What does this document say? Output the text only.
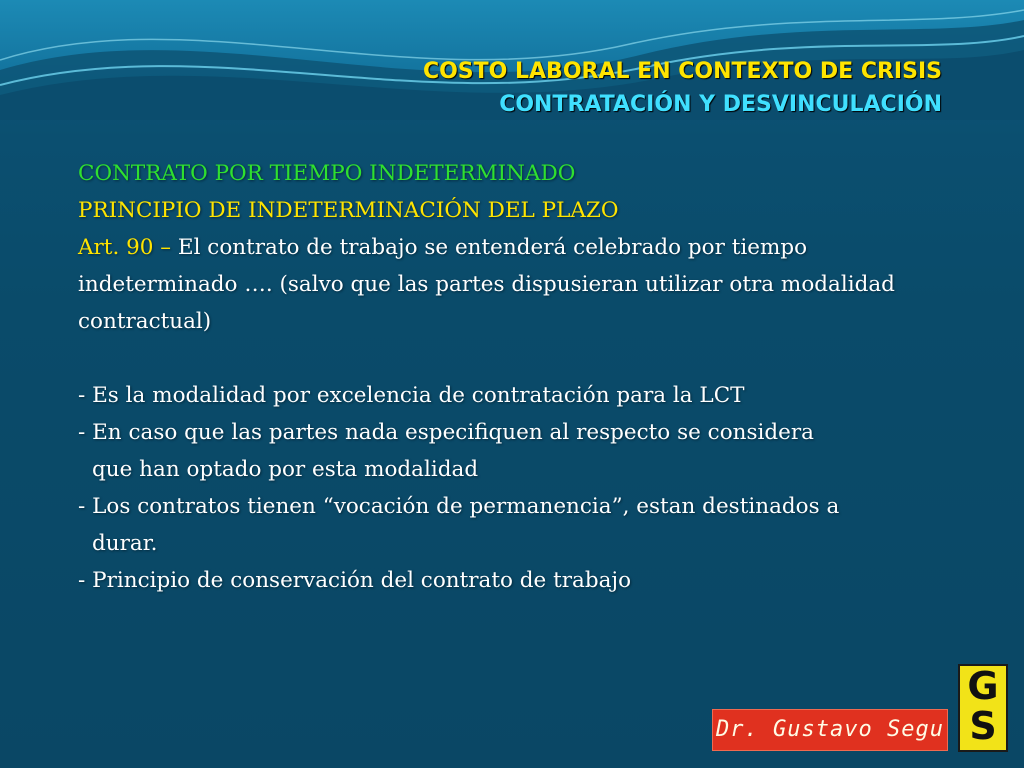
COSTO LABORAL EN CONTEXTO DE CRISIS
CONTRATACIÓN Y DESVINCULACIÓN
CONTRATO POR TIEMPO INDETERMINADO
PRINCIPIO DE INDETERMINACIÓN DEL PLAZO
Art. 90 – El contrato de trabajo se entenderá celebrado por tiempo
indeterminado …. (salvo que las partes dispusieran utilizar otra modalidad
contractual)
- Es la modalidad por excelencia de contratación para la LCT
- En caso que las partes nada especifiquen al respecto se considera
que han optado por esta modalidad
- Los contratos tienen “vocación de permanencia”, estan destinados a
durar.
- Principio de conservación del contrato de trabajo
Dr. Gustavo Segu
G
S
